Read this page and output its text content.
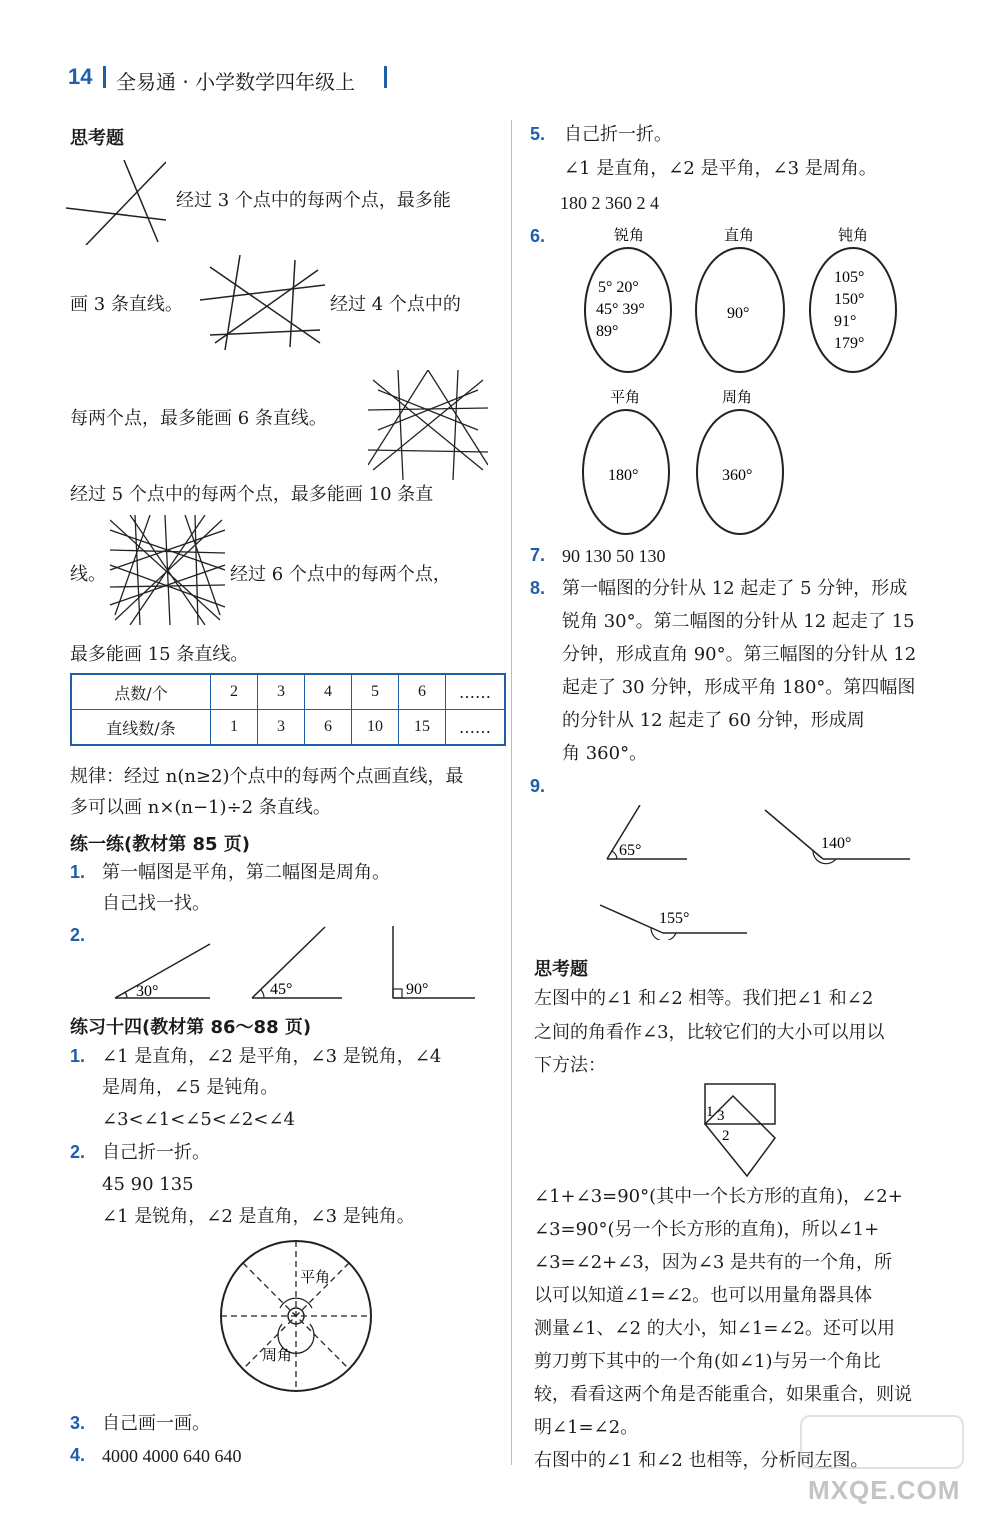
14 全易通 · 小学数学四年级上
思考题
经过 3 个点中的每两个点，最多能
画 3 条直线。	经过 4 个点中的
每两个点，最多能画 6 条直线。
经过 5 个点中的每两个点，最多能画 10 条直
线。	经过 6 个点中的每两个点，
最多能画 15 条直线。
点数/个	2	3	4	5	6	……
直线数/条	1	3	6	10	15	……
规律：经过 n(n≥2)个点中的每两个点画直线，最
多可以画 n×(n−1)÷2 条直线。
练一练(教材第 85 页)
1. 第一幅图是平角，第二幅图是周角。
自己找一找。
2.
30°	45°	90°
练习十四(教材第 86～88 页)
1. ∠1 是直角，∠2 是平角，∠3 是锐角，∠4
是周角，∠5 是钝角。
∠3<∠1<∠5<∠2<∠4
2. 自己折一折。
45 90 135
∠1 是锐角，∠2 是直角，∠3 是钝角。
平角
周角
3. 自己画一画。
4. 4000 4000 640 640
5. 自己折一折。
∠1 是直角，∠2 是平角，∠3 是周角。
180 2 360 2 4
6.	锐角
5° 20°
45° 39°
89°
直角
90°
钝角
105°
150°
91°
179°
平角
180°
周角
360°
7. 90 130 50 130
8. 第一幅图的分针从 12 起走了 5 分钟，形成
锐角 30°。第二幅图的分针从 12 起走了 15
分钟，形成直角 90°。第三幅图的分针从 12
起走了 30 分钟，形成平角 180°。第四幅图
的分针从 12 起走了 60 分钟，形成周
角 360°。
9.
65°	140°
155°
思考题
左图中的∠1 和∠2 相等。我们把∠1 和∠2
之间的角看作∠3，比较它们的大小可以用以
下方法：
1 3
2
∠1+∠3=90°(其中一个长方形的直角)，∠2+
∠3=90°(另一个长方形的直角)，所以∠1+
∠3=∠2+∠3，因为∠3 是共有的一个角，所
以可以知道∠1=∠2。也可以用量角器具体
测量∠1、∠2 的大小，知∠1=∠2。还可以用
剪刀剪下其中的一个角(如∠1)与另一个角比
较，看看这两个角是否能重合，如果重合，则说
明∠1=∠2。
右图中的∠1 和∠2 也相等，分析同左图。
MXQE.COM
